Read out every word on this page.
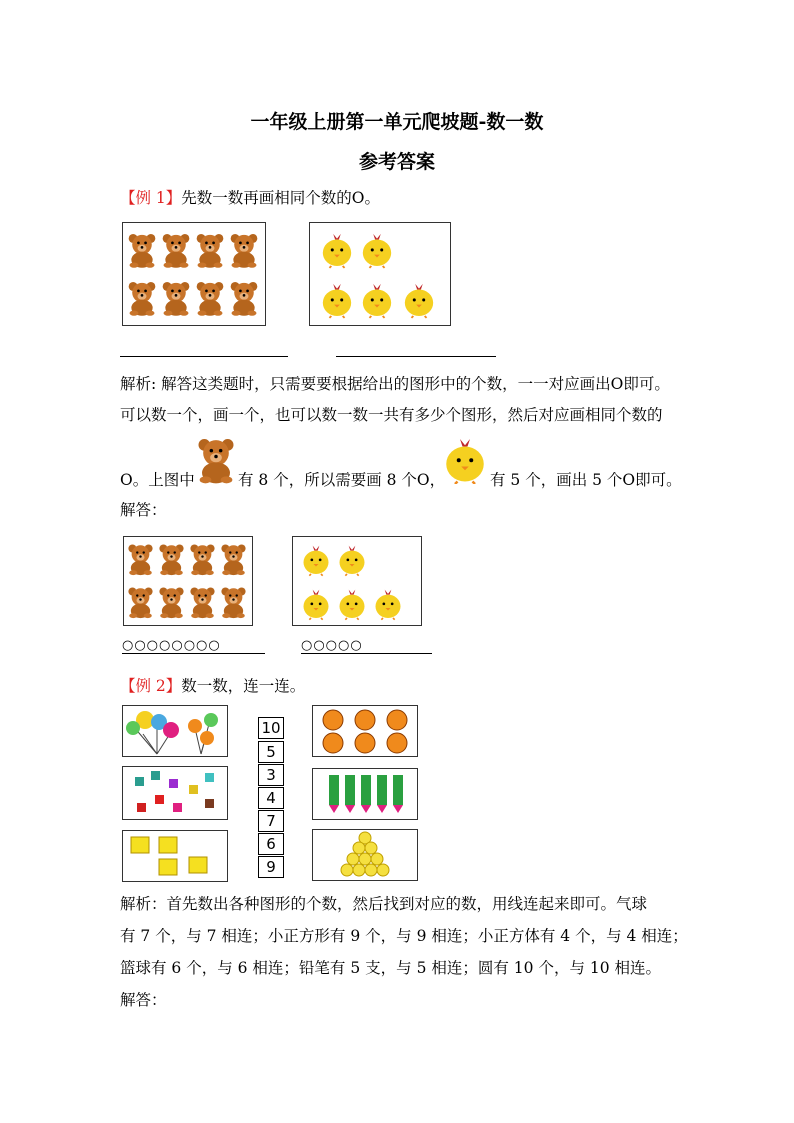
一年级上册第一单元爬坡题-数一数
参考答案
【例 1】先数一数再画相同个数的O。
解析: 解答这类题时，只需要要根据给出的图形中的个数，一一对应画出O即可。
可以数一个，画一个，也可以数一数一共有多少个图形，然后对应画相同个数的
O。上图中	有 8 个，所以需要画 8 个O，	有 5 个，画出 5 个O即可。
解答：
○○○○○○○○	○○○○○
【例 2】数一数，连一连。
10
5
3
4
7
6
9
解析：首先数出各种图形的个数，然后找到对应的数，用线连起来即可。气球
有 7 个，与 7 相连；小正方形有 9 个，与 9 相连；小正方体有 4 个，与 4 相连；
篮球有 6 个，与 6 相连；铅笔有 5 支，与 5 相连；圆有 10 个，与 10 相连。
解答：
